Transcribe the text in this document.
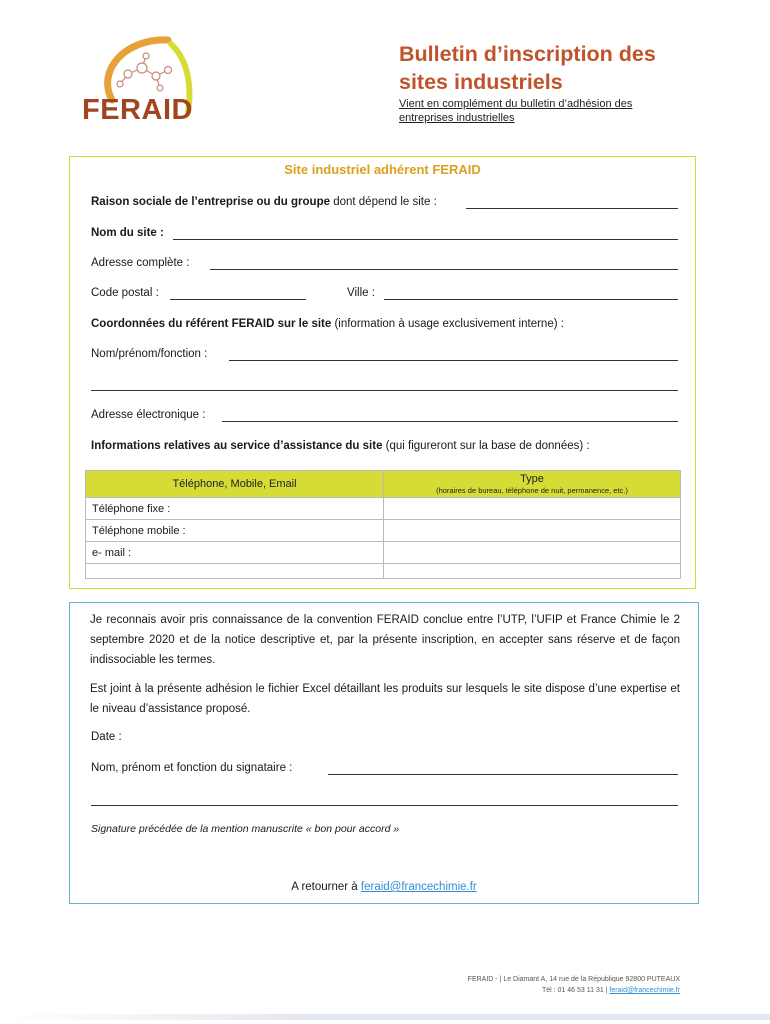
FERAID
Bulletin d’inscription des
sites industriels
Vient en complément du bulletin d’adhésion des
entreprises industrielles
Site industriel adhérent FERAID
Raison sociale de l’entreprise ou du groupe dont dépend le site :
Nom du site :
Adresse complète :
Code postal :	Ville :
Coordonnées du référent FERAID sur le site (information à usage exclusivement interne) :
Nom/prénom/fonction :
Adresse électronique :
Informations relatives au service d’assistance du site (qui figureront sur la base de données) :
Téléphone, Mobile, Email	Type
(horaires de bureau, téléphone de nuit, permanence, etc.)

Téléphone fixe :	
Téléphone mobile :	
e- mail :	

Je reconnais avoir pris connaissance de la convention FERAID conclue entre l’UTP, l’UFIP et France Chimie le 2 septembre 2020 et de la notice descriptive et, par la présente inscription, en accepter sans réserve et de façon indissociable les termes.
Est joint à la présente adhésion le fichier Excel détaillant les produits sur lesquels le site dispose d’une expertise et le niveau d’assistance proposé.
Date :
Nom, prénom et fonction du signataire :
Signature précédée de la mention manuscrite « bon pour accord »
A retourner à feraid@francechimie.fr
FERAID - | Le Diamant A, 14 rue de la République 92800 PUTEAUX
Tél : 01 46 53 11 31 | feraid@francechimie.fr
